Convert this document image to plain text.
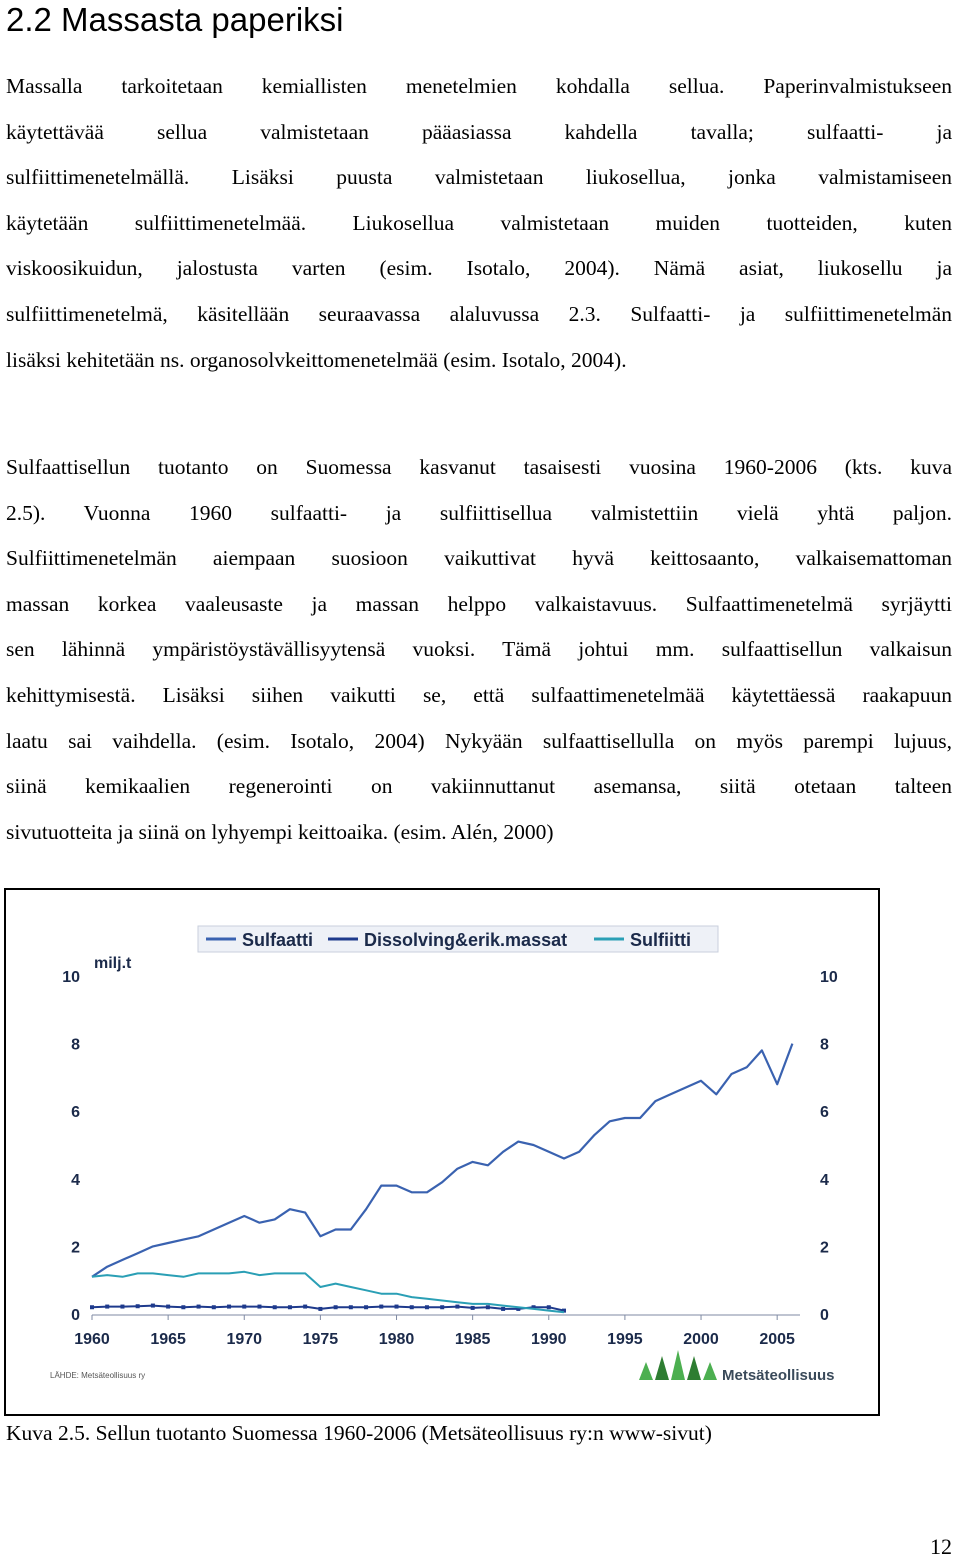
2.2 Massasta paperiksi
Massalla tarkoitetaan kemiallisten menetelmien kohdalla sellua. Paperinvalmistukseen
käytettävää sellua valmistetaan pääasiassa kahdella tavalla; sulfaatti- ja
sulfiittimenetelmällä. Lisäksi puusta valmistetaan liukosellua, jonka valmistamiseen
käytetään sulfiittimenetelmää. Liukosellua valmistetaan muiden tuotteiden, kuten
viskoosikuidun, jalostusta varten (esim. Isotalo, 2004). Nämä asiat, liukosellu ja
sulfiittimenetelmä, käsitellään seuraavassa alaluvussa 2.3. Sulfaatti- ja sulfiittimenetelmän
lisäksi kehitetään ns. organosolvkeittomenetelmää (esim. Isotalo, 2004).
Sulfaattisellun tuotanto on Suomessa kasvanut tasaisesti vuosina 1960-2006 (kts. kuva
2.5). Vuonna 1960 sulfaatti- ja sulfiittisellua valmistettiin vielä yhtä paljon.
Sulfiittimenetelmän aiempaan suosioon vaikuttivat hyvä keittosaanto, valkaisemattoman
massan korkea vaaleusaste ja massan helppo valkaistavuus. Sulfaattimenetelmä syrjäytti
sen lähinnä ympäristöystävällisyytensä vuoksi. Tämä johtui mm. sulfaattisellun valkaisun
kehittymisestä. Lisäksi siihen vaikutti se, että sulfaattimenetelmää käytettäessä raakapuun
laatu sai vaihdella. (esim. Isotalo, 2004) Nykyään sulfaattisellulla on myös parempi lujuus,
siinä kemikaalien regenerointi on vakiinnuttanut asemansa, siitä otetaan talteen
sivutuotteita ja siinä on lyhyempi keittoaika. (esim. Alén, 2000)
Sulfaatti	Dissolving&erik.massat	Sulfiitti
milj.t
0	0
2	2
4	4
6	6
8	8
10	10
1960	1965	1970	1975	1980	1985	1990	1995	2000	2005
LÄHDE: Metsäteollisuus ry	Metsäteollisuus
Kuva 2.5. Sellun tuotanto Suomessa 1960-2006 (Metsäteollisuus ry:n www-sivut)
12
